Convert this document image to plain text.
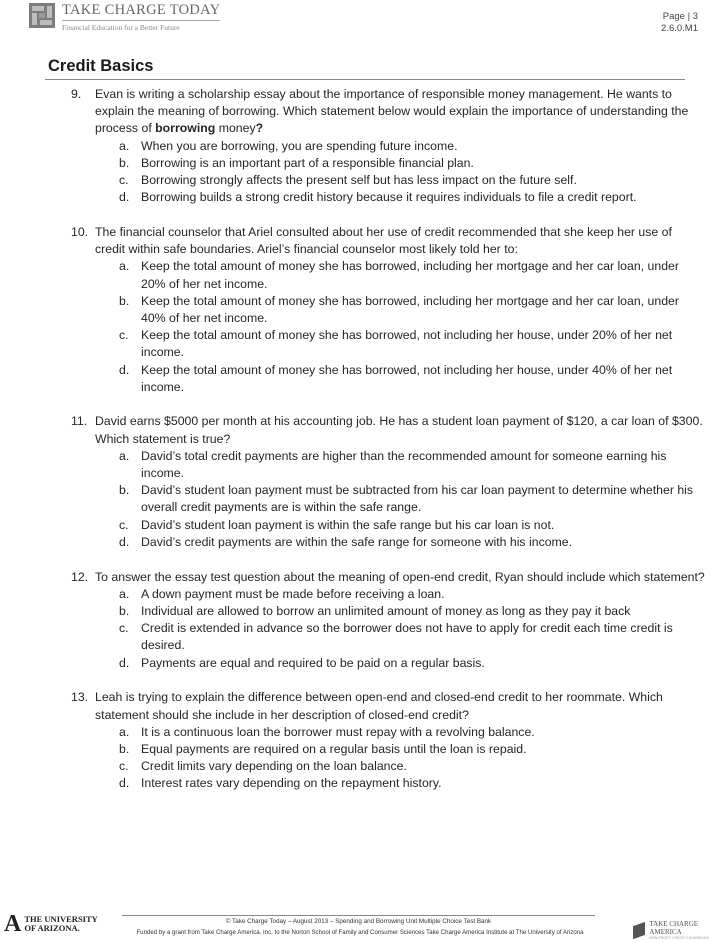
TAKE CHARGE TODAY
Financial Education for a Better Future
Page | 3
2.6.0.M1
Credit Basics
9. Evan is writing a scholarship essay about the importance of responsible money management. He wants to explain the meaning of borrowing. Which statement below would explain the importance of understanding the process of borrowing money?
a. When you are borrowing, you are spending future income.
b. Borrowing is an important part of a responsible financial plan.
c. Borrowing strongly affects the present self but has less impact on the future self.
d. Borrowing builds a strong credit history because it requires individuals to file a credit report.
10. The financial counselor that Ariel consulted about her use of credit recommended that she keep her use of credit within safe boundaries. Ariel’s financial counselor most likely told her to:
a. Keep the total amount of money she has borrowed, including her mortgage and her car loan, under 20% of her net income.
b. Keep the total amount of money she has borrowed, including her mortgage and her car loan, under 40% of her net income.
c. Keep the total amount of money she has borrowed, not including her house, under 20% of her net income.
d. Keep the total amount of money she has borrowed, not including her house, under 40% of her net income.
11. David earns $5000 per month at his accounting job. He has a student loan payment of $120, a car loan of $300. Which statement is true?
a. David’s total credit payments are higher than the recommended amount for someone earning his income.
b. David’s student loan payment must be subtracted from his car loan payment to determine whether his overall credit payments are is within the safe range.
c. David’s student loan payment is within the safe range but his car loan is not.
d. David’s credit payments are within the safe range for someone with his income.
12. To answer the essay test question about the meaning of open-end credit, Ryan should include which statement?
a. A down payment must be made before receiving a loan.
b. Individual are allowed to borrow an unlimited amount of money as long as they pay it back
c. Credit is extended in advance so the borrower does not have to apply for credit each time credit is desired.
d. Payments are equal and required to be paid on a regular basis.
13. Leah is trying to explain the difference between open-end and closed-end credit to her roommate. Which statement should she include in her description of closed-end credit?
a. It is a continuous loan the borrower must repay with a revolving balance.
b. Equal payments are required on a regular basis until the loan is repaid.
c. Credit limits vary depending on the loan balance.
d. Interest rates vary depending on the repayment history.
A THE UNIVERSITY
OF ARIZONA.
© Take Charge Today – August 2013 – Spending and Borrowing Unit Multiple Choice Test Bank
Funded by a grant from Take Charge America, Inc. to the Norton School of Family and Consumer Sciences Take Charge America Institute at The University of Arizona
TAKE CHARGE AMERICA
NON-PROFIT CREDIT COUNSELING
